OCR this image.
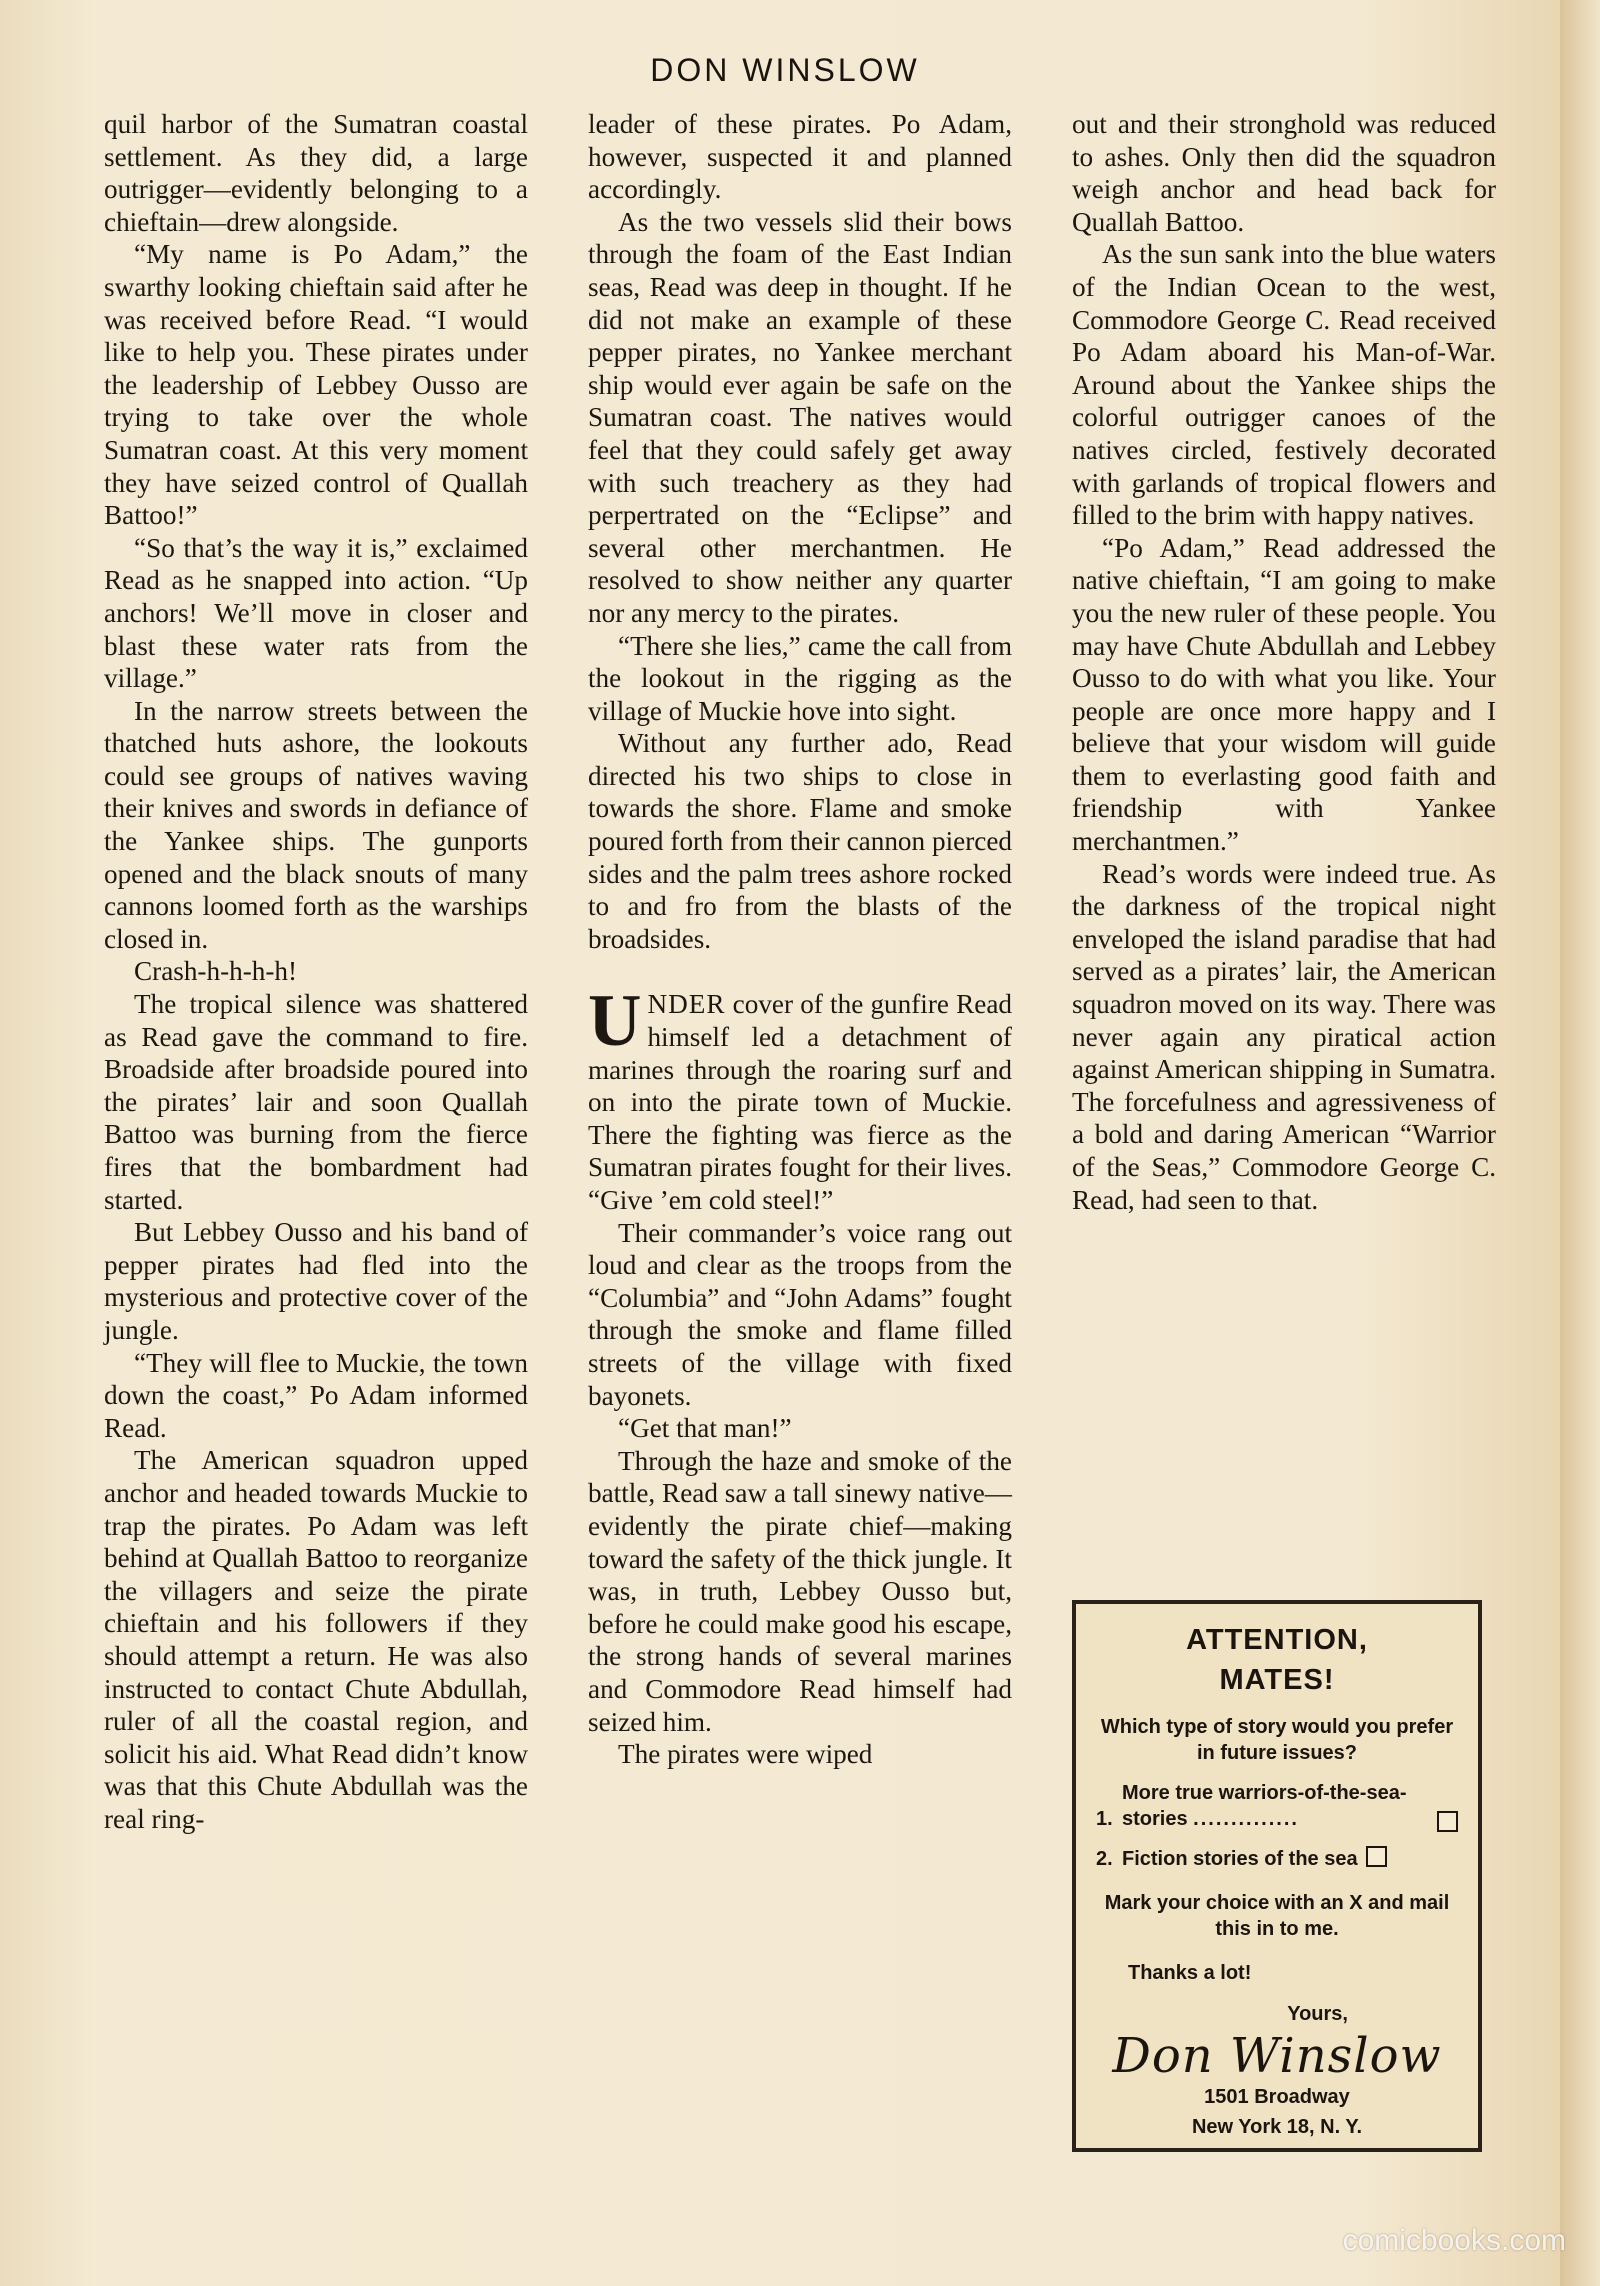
DON WINSLOW

quil harbor of the Sumatran coastal settlement. As they did, a large outrigger—evidently belonging to a chieftain—drew alongside.

“My name is Po Adam,” the swarthy looking chieftain said after he was received before Read. “I would like to help you. These pirates under the leadership of Lebbey Ousso are trying to take over the whole Sumatran coast. At this very moment they have seized control of Quallah Battoo!”

“So that’s the way it is,” exclaimed Read as he snapped into action. “Up anchors! We’ll move in closer and blast these water rats from the village.”

In the narrow streets between the thatched huts ashore, the lookouts could see groups of natives waving their knives and swords in defiance of the Yankee ships. The gunports opened and the black snouts of many cannons loomed forth as the warships closed in.

Crash-h-h-h-h!

The tropical silence was shattered as Read gave the command to fire. Broadside after broadside poured into the pirates’ lair and soon Quallah Battoo was burning from the fierce fires that the bombardment had started.

But Lebbey Ousso and his band of pepper pirates had fled into the mysterious and protective cover of the jungle.

“They will flee to Muckie, the town down the coast,” Po Adam informed Read.

The American squadron upped anchor and headed towards Muckie to trap the pirates. Po Adam was left behind at Quallah Battoo to reorganize the villagers and seize the pirate chieftain and his followers if they should attempt a return. He was also instructed to contact Chute Abdullah, ruler of all the coastal region, and solicit his aid. What Read didn’t know was that this Chute Abdullah was the real ring-

leader of these pirates. Po Adam, however, suspected it and planned accordingly.

As the two vessels slid their bows through the foam of the East Indian seas, Read was deep in thought. If he did not make an example of these pepper pirates, no Yankee merchant ship would ever again be safe on the Sumatran coast. The natives would feel that they could safely get away with such treachery as they had perpertrated on the “Eclipse” and several other merchantmen. He resolved to show neither any quarter nor any mercy to the pirates.

“There she lies,” came the call from the lookout in the rigging as the village of Muckie hove into sight.

Without any further ado, Read directed his two ships to close in towards the shore. Flame and smoke poured forth from their cannon pierced sides and the palm trees ashore rocked to and fro from the blasts of the broadsides.

UNDER cover of the gunfire Read himself led a detachment of marines through the roaring surf and on into the pirate town of Muckie. There the fighting was fierce as the Sumatran pirates fought for their lives. “Give ’em cold steel!”

Their commander’s voice rang out loud and clear as the troops from the “Columbia” and “John Adams” fought through the smoke and flame filled streets of the village with fixed bayonets.

“Get that man!”

Through the haze and smoke of the battle, Read saw a tall sinewy native—evidently the pirate chief—making toward the safety of the thick jungle. It was, in truth, Lebbey Ousso but, before he could make good his escape, the strong hands of several marines and Commodore Read himself had seized him.

The pirates were wiped

out and their stronghold was reduced to ashes. Only then did the squadron weigh anchor and head back for Quallah Battoo.

As the sun sank into the blue waters of the Indian Ocean to the west, Commodore George C. Read received Po Adam aboard his Man-of-War. Around about the Yankee ships the colorful outrigger canoes of the natives circled, festively decorated with garlands of tropical flowers and filled to the brim with happy natives.

“Po Adam,” Read addressed the native chieftain, “I am going to make you the new ruler of these people. You may have Chute Abdullah and Lebbey Ousso to do with what you like. Your people are once more happy and I believe that your wisdom will guide them to everlasting good faith and friendship with Yankee merchantmen.”

Read’s words were indeed true. As the darkness of the tropical night enveloped the island paradise that had served as a pirates’ lair, the American squadron moved on its way. There was never again any piratical action against American shipping in Sumatra. The forcefulness and agressiveness of a bold and daring American “Warrior of the Seas,” Commodore George C. Read, had seen to that.

ATTENTION,
MATES!
Which type of story would you prefer in future issues?
1.
More true warriors-of-the-sea-stories ..............
2. Fiction stories of the sea
Mark your choice with an X and mail this in to me.
Thanks a lot!
Yours,
Don Winslow
1501 Broadway
New York 18, N. Y.
comicbooks.com
